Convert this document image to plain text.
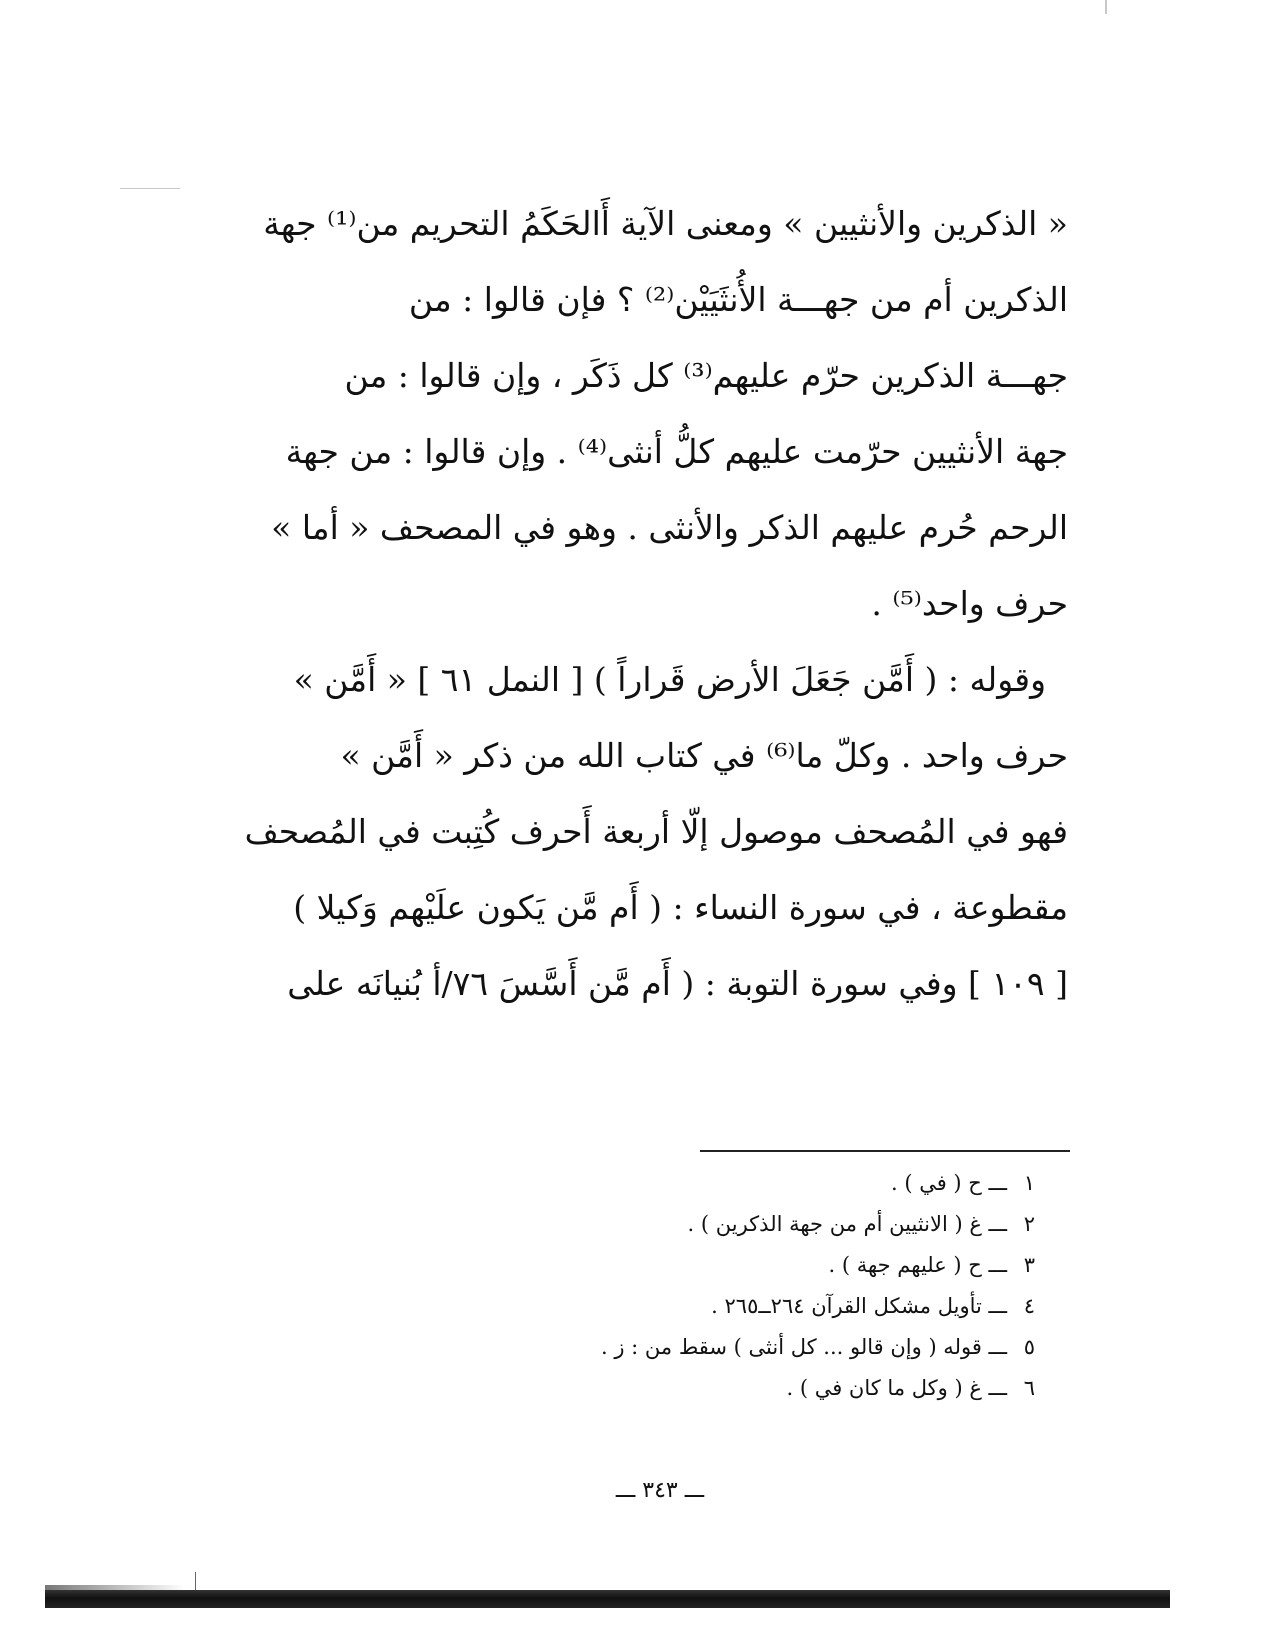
« الذكرين والأنثيين » ومعنى الآية أَالحَكَمُ التحريم من⁽¹⁾ جهة
الذكرين أم من جهـــة الأُنثَيَيْن⁽²⁾ ؟ فإن قالوا : من
جهـــة الذكرين حرّم عليهم⁽³⁾ كل ذَكَر ، وإن قالوا : من
جهة الأنثيين حرّمت عليهم كلُّ أنثى⁽⁴⁾ . وإن قالوا : من جهة
الرحم حُرم عليهم الذكر والأنثى . وهو في المصحف « أما »
حرف واحد⁽⁵⁾ .
وقوله : ( أَمَّن جَعَلَ الأرض قَراراً ) [ النمل ٦١ ] « أَمَّن »
حرف واحد . وكلّ ما⁽⁶⁾ في كتاب الله من ذكر « أَمَّن »
فهو في المُصحف موصول إلّا أربعة أَحرف كُتِبت في المُصحف
مقطوعة ، في سورة النساء : ( أَم مَّن يَكون علَيْهم وَكيلا )
[ ١٠٩ ] وفي سورة التوبة : ( أَم مَّن أَسَّسَ ٧٦/أ بُنيانَه على
١ـــ ح ( في ) .
٢ـــ غ ( الانثيين أم من جهة الذكرين ) .
٣ـــ ح ( عليهم جهة ) .
٤ـــ تأويل مشكل القرآن ٢٦٤ــ٢٦٥ .
٥ـــ قوله ( وإن قالو ... كل أنثى ) سقط من : ز .
٦ـــ غ ( وكل ما كان في ) .
ـــ ٣٤٣ ـــ
